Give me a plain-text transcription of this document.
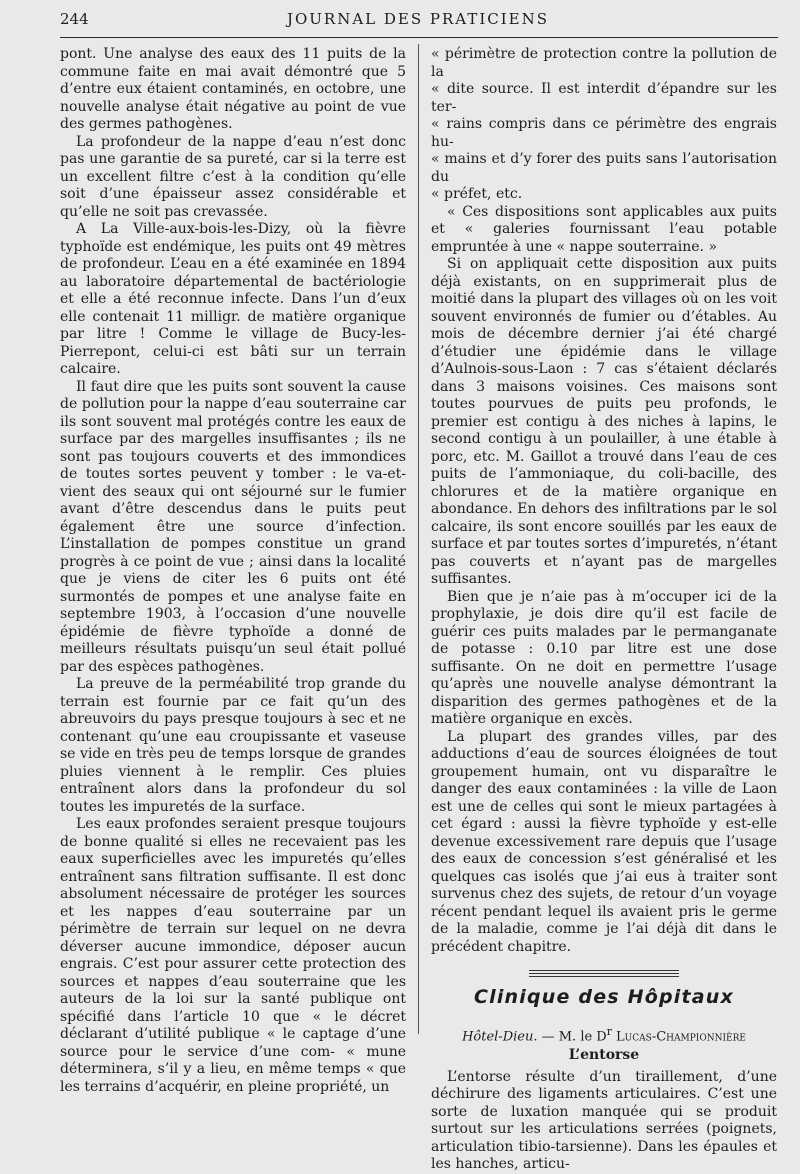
244	JOURNAL DES PRATICIENS

pont. Une analyse des eaux des 11 puits de la commune faite en mai avait démontré que 5 d’entre eux étaient contaminés, en octobre, une nouvelle analyse était négative au point de vue des germes pathogènes.

La profondeur de la nappe d’eau n’est donc pas une garantie de sa pureté, car si la terre est un excellent filtre c’est à la condition qu’elle soit d’une épaisseur assez considérable et qu’elle ne soit pas crevassée.

A La Ville-aux-bois-les-Dizy, où la fièvre typhoïde est endémique, les puits ont 49 mètres de profondeur. L’eau en a été examinée en 1894 au laboratoire départemental de bactériologie et elle a été reconnue infecte. Dans l’un d’eux elle contenait 11 milligr. de matière organique par litre ! Comme le village de Bucy-les-Pierrepont, celui-ci est bâti sur un terrain calcaire.

Il faut dire que les puits sont souvent la cause de pollution pour la nappe d’eau souterraine car ils sont souvent mal protégés contre les eaux de surface par des margelles insuffisantes ; ils ne sont pas toujours couverts et des immondices de toutes sortes peuvent y tomber : le va-et-vient des seaux qui ont séjourné sur le fumier avant d’être descendus dans le puits peut également être une source d’infection. L’installation de pompes constitue un grand progrès à ce point de vue ; ainsi dans la localité que je viens de citer les 6 puits ont été surmontés de pompes et une analyse faite en septembre 1903, à l’occasion d’une nouvelle épidémie de fièvre typhoïde a donné de meilleurs résultats puisqu’un seul était pollué par des espèces pathogènes.

La preuve de la perméabilité trop grande du terrain est fournie par ce fait qu’un des abreuvoirs du pays presque toujours à sec et ne contenant qu’une eau croupissante et vaseuse se vide en très peu de temps lorsque de grandes pluies viennent à le remplir. Ces pluies entraînent alors dans la profondeur du sol toutes les impuretés de la surface.

Les eaux profondes seraient presque toujours de bonne qualité si elles ne recevaient pas les eaux superficielles avec les impuretés qu’elles entraînent sans filtration suffisante. Il est donc absolument nécessaire de protéger les sources et les nappes d’eau souterraine par un périmètre de terrain sur lequel on ne devra déverser aucune immondice, déposer aucun engrais. C’est pour assurer cette protection des sources et nappes d’eau souterraine que les auteurs de la loi sur la santé publique ont spécifié dans l’article 10 que « le décret déclarant d’utilité publique « le captage d’une source pour le service d’une com- « mune déterminera, s’il y a lieu, en même temps « que les terrains d’acquérir, en pleine propriété, un

« périmètre de protection contre la pollution de la
« dite source. Il est interdit d’épandre sur les ter-
« rains compris dans ce périmètre des engrais hu-
« mains et d’y forer des puits sans l’autorisation du
« préfet, etc.

« Ces dispositions sont applicables aux puits et « galeries fournissant l’eau potable empruntée à une « nappe souterraine. »

Si on appliquait cette disposition aux puits déjà existants, on en supprimerait plus de moitié dans la plupart des villages où on les voit souvent environnés de fumier ou d’étables. Au mois de décembre dernier j’ai été chargé d’étudier une épidémie dans le village d’Aulnois-sous-Laon : 7 cas s’étaient déclarés dans 3 maisons voisines. Ces maisons sont toutes pourvues de puits peu profonds, le premier est contigu à des niches à lapins, le second contigu à un poulailler, à une étable à porc, etc. M. Gaillot a trouvé dans l’eau de ces puits de l’ammoniaque, du coli-bacille, des chlorures et de la matière organique en abondance. En dehors des infiltrations par le sol calcaire, ils sont encore souillés par les eaux de surface et par toutes sortes d’impuretés, n’étant pas couverts et n’ayant pas de margelles suffisantes.

Bien que je n’aie pas à m’occuper ici de la prophylaxie, je dois dire qu’il est facile de guérir ces puits malades par le permanganate de potasse : 0.10 par litre est une dose suffisante. On ne doit en permettre l’usage qu’après une nouvelle analyse démontrant la disparition des germes pathogènes et de la matière organique en excès.

La plupart des grandes villes, par des adductions d’eau de sources éloignées de tout groupement humain, ont vu disparaître le danger des eaux contaminées : la ville de Laon est une de celles qui sont le mieux partagées à cet égard : aussi la fièvre typhoïde y est-elle devenue excessivement rare depuis que l’usage des eaux de concession s’est généralisé et les quelques cas isolés que j’ai eus à traiter sont survenus chez des sujets, de retour d’un voyage récent pendant lequel ils avaient pris le germe de la maladie, comme je l’ai déjà dit dans le précédent chapitre.

Clinique des Hôpitaux
Hôtel-Dieu. — M. le $D^r$ Lucas-Championnière
L’entorse

L’entorse résulte d’un tiraillement, d’une déchirure des ligaments articulaires. C’est une sorte de luxation manquée qui se produit surtout sur les articulations serrées (poignets, articulation tibio-tarsienne). Dans les épaules et les hanches, articu-
